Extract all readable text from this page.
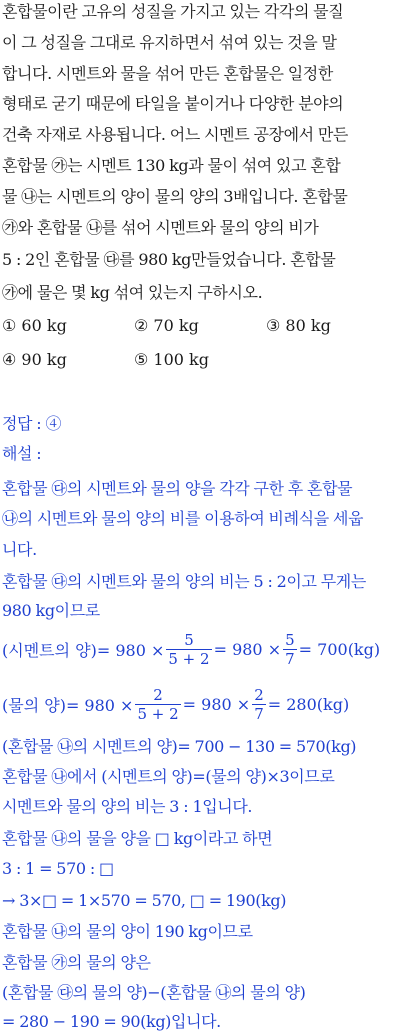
혼합물이란 고유의 성질을 가지고 있는 각각의 물질
이 그 성질을 그대로 유지하면서 섞여 있는 것을 말
합니다. 시멘트와 물을 섞어 만든 혼합물은 일정한
형태로 굳기 때문에 타일을 붙이거나 다양한 분야의
건축 자재로 사용됩니다. 어느 시멘트 공장에서 만든
혼합물 ㉮는 시멘트 130 kg과 물이 섞여 있고 혼합
물 ㉯는 시멘트의 양이 물의 양의 3배입니다. 혼합물
㉮와 혼합물 ㉯를 섞어 시멘트와 물의 양의 비가
5 : 2인 혼합물 ㉰를 980 kg만들었습니다. 혼합물
㉮에 물은 몇 kg 섞여 있는지 구하시오.
① 60 kg	② 70 kg	③ 80 kg
④ 90 kg	⑤ 100 kg
정답 : ④
해설 :
혼합물 ㉰의 시멘트와 물의 양을 각각 구한 후 혼합물
㉯의 시멘트와 물의 양의 비를 이용하여 비례식을 세웁
니다.
혼합물 ㉰의 시멘트와 물의 양의 비는 5 : 2이고 무게는
980 kg이므로
(시멘트의 양)= $980 \times \frac{5}{5 + 2} = 980 \times \frac{5}{7} = 700(kg)$
(물의 양)= $980 \times \frac{2}{5 + 2} = 980 \times \frac{2}{7} = 280(kg)$
(혼합물 ㉯의 시멘트의 양)= 700 − 130 = 570(kg)
혼합물 ㉯에서 (시멘트의 양)=(물의 양)×3이므로
시멘트와 물의 양의 비는 3 : 1입니다.
혼합물 ㉯의 물을 양을 □ kg이라고 하면
3 : 1 = 570 : □
→ 3×□ = 1×570 = 570, □ = 190(kg)
혼합물 ㉯의 물의 양이 190 kg이므로
혼합물 ㉮의 물의 양은
(혼합물 ㉰의 물의 양)−(혼합물 ㉯의 물의 양)
= 280 − 190 = 90(kg)입니다.
